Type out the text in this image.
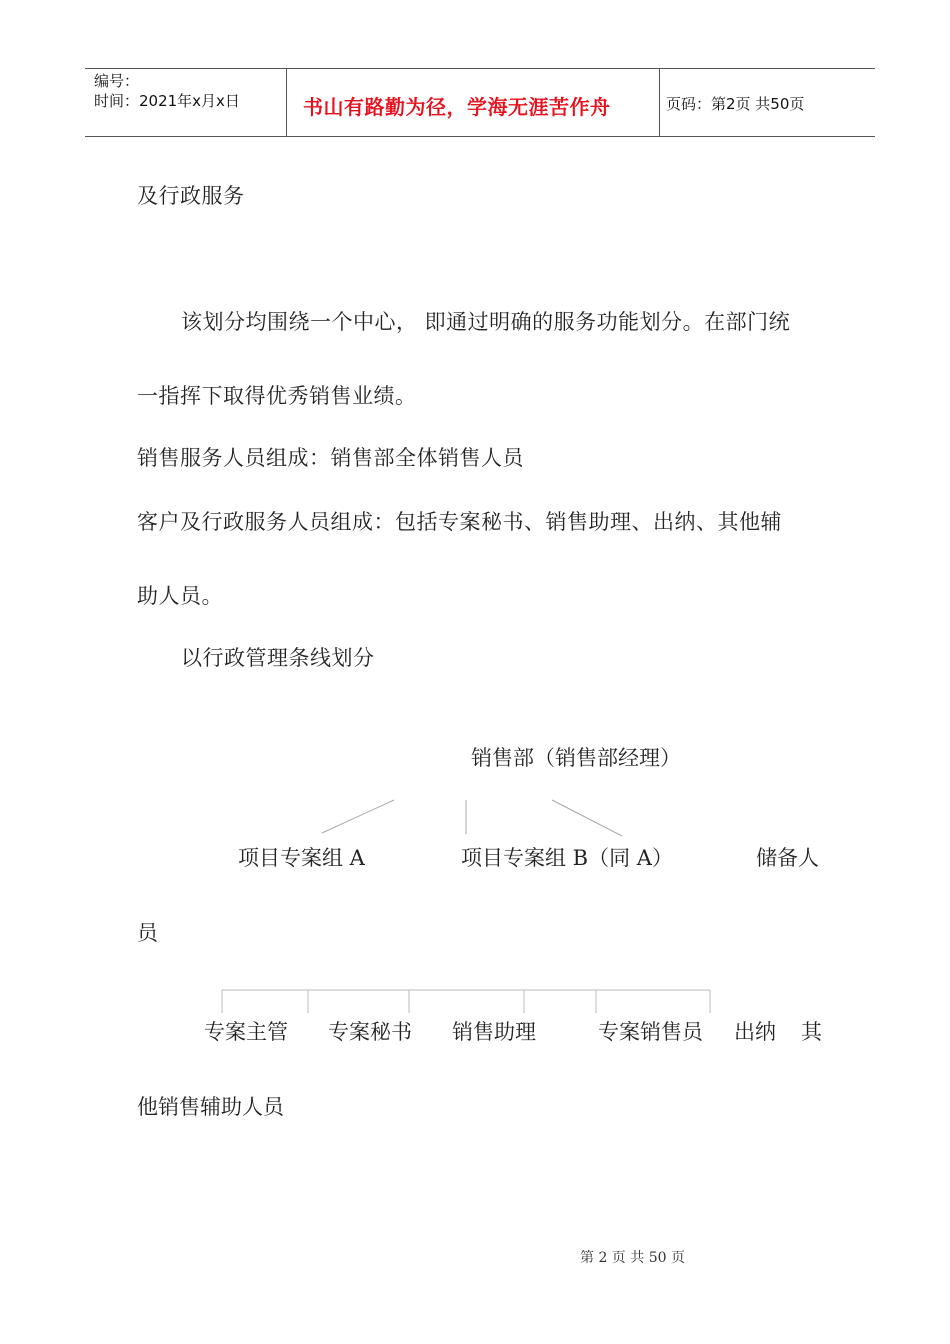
编号：
时间：2021年x月x日	书山有路勤为径，学海无涯苦作舟	页码：第2页 共50页
及行政服务
该划分均围绕一个中心， 即通过明确的服务功能划分。在部门统
一指挥下取得优秀销售业绩。
销售服务人员组成：销售部全体销售人员
客户及行政服务人员组成：包括专案秘书、销售助理、出纳、其他辅
助人员。
以行政管理条线划分
销售部（销售部经理）
项目专案组 A	项目专案组 B（同 A）	储备人
员
专案主管 专案秘书 销售助理	专案销售员 出纳 其
他销售辅助人员
第 2 页 共 50 页
